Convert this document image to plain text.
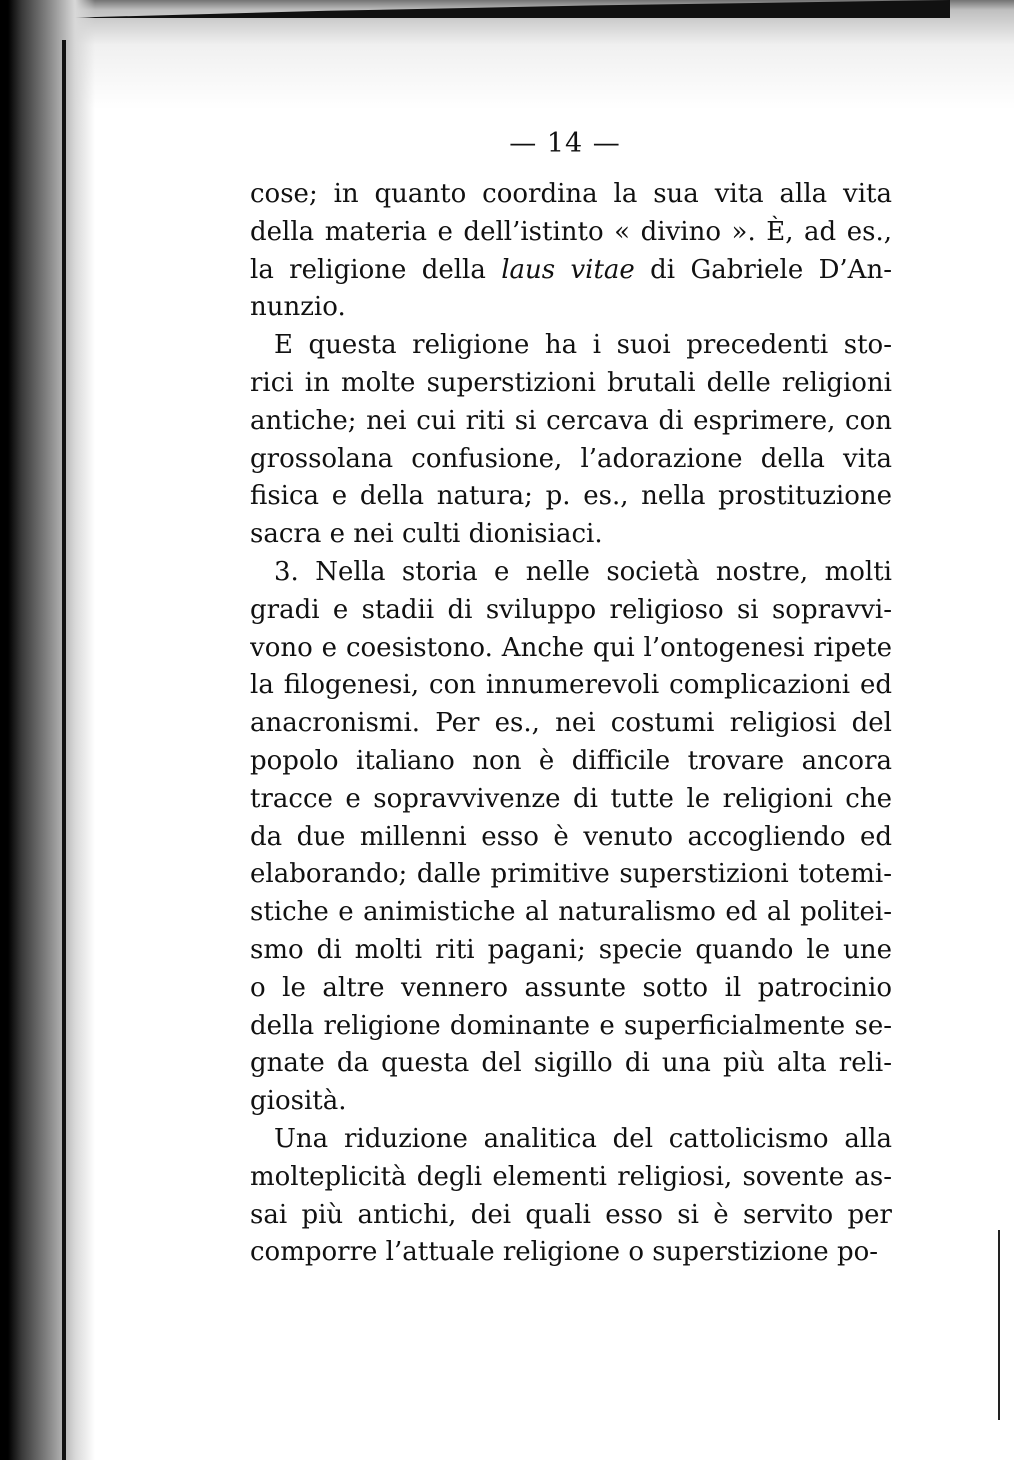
— 14 —
cose; in quanto coordina la sua vita alla vita
della materia e dell’istinto « divino ». È, ad es.,
la religione della laus vitae di Gabriele D’An-
nunzio.
E questa religione ha i suoi precedenti sto-
rici in molte superstizioni brutali delle religioni
antiche; nei cui riti si cercava di esprimere, con
grossolana confusione, l’adorazione della vita
fisica e della natura; p. es., nella prostituzione
sacra e nei culti dionisiaci.
3. Nella storia e nelle società nostre, molti
gradi e stadii di sviluppo religioso si sopravvi-
vono e coesistono. Anche qui l’ontogenesi ripete
la filogenesi, con innumerevoli complicazioni ed
anacronismi. Per es., nei costumi religiosi del
popolo italiano non è difficile trovare ancora
tracce e sopravvivenze di tutte le religioni che
da due millenni esso è venuto accogliendo ed
elaborando; dalle primitive superstizioni totemi-
stiche e animistiche al naturalismo ed al politei-
smo di molti riti pagani; specie quando le une
o le altre vennero assunte sotto il patrocinio
della religione dominante e superficialmente se-
gnate da questa del sigillo di una più alta reli-
giosità.
Una riduzione analitica del cattolicismo alla
molteplicità degli elementi religiosi, sovente as-
sai più antichi, dei quali esso si è servito per
comporre l’attuale religione o superstizione po-
